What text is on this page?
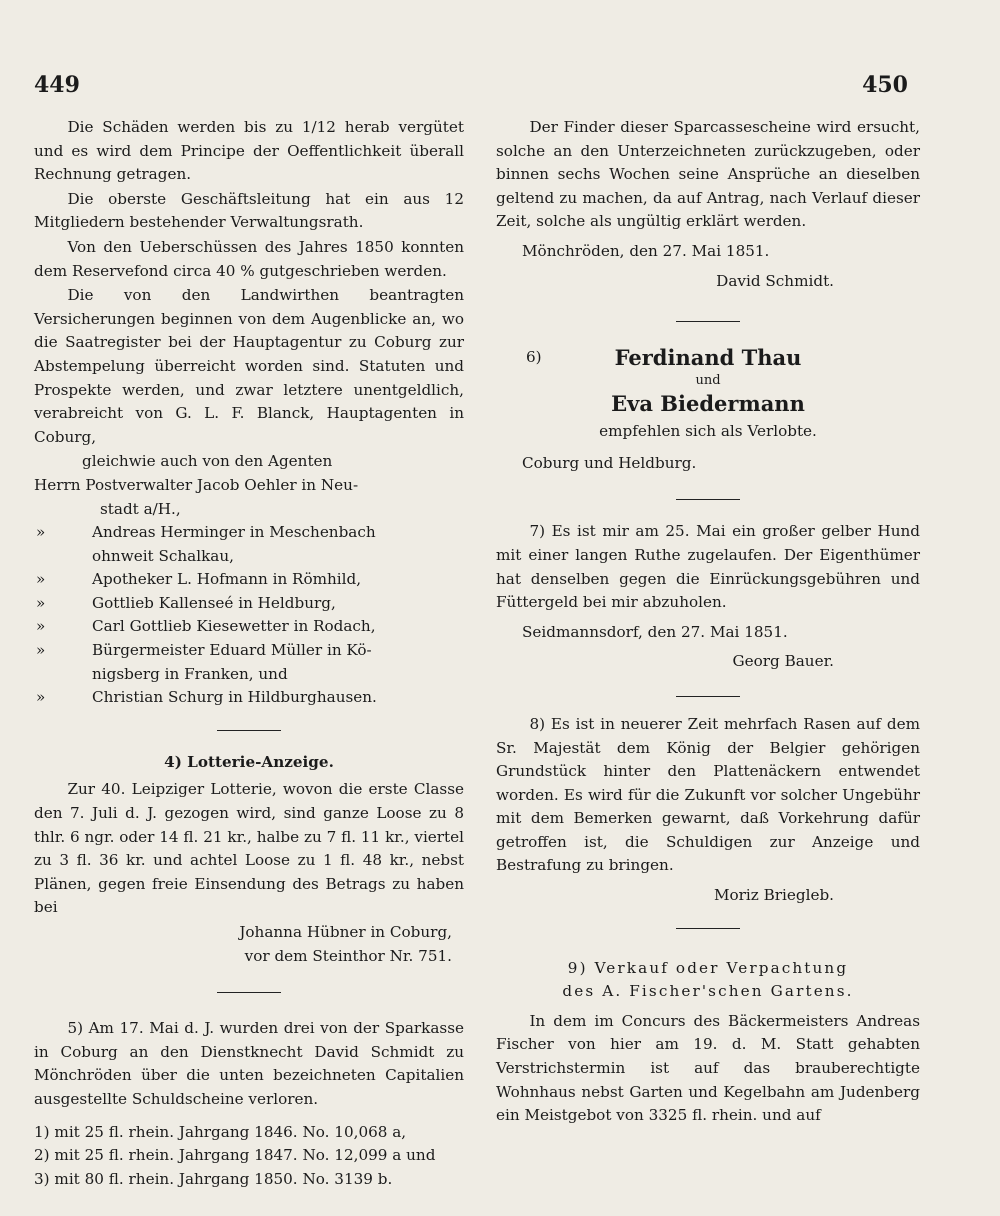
449	450

Die Schäden werden bis zu 1/12 herab vergütet und es wird dem Principe der Oeffentlichkeit überall Rechnung getragen.

Die oberste Geschäftsleitung hat ein aus 12 Mitgliedern bestehender Verwaltungsrath.

Von den Ueberschüssen des Jahres 1850 konnten dem Reservefond circa 40 % gutgeschrieben werden.

Die von den Landwirthen beantragten Versicherungen beginnen von dem Augenblicke an, wo die Saatregister bei der Hauptagentur zu Coburg zur Abstempelung überreicht worden sind. Statuten und Prospekte werden, und zwar letztere unentgeldlich, verabreicht von G. L. F. Blanck, Hauptagenten in Coburg,

gleichwie auch von den Agenten
Herrn Postverwalter Jacob Oehler in Neu-
stadt a/H.,
»	Andreas Herminger in Meschenbach
ohnweit Schalkau,
»	Apotheker L. Hofmann in Römhild,
»	Gottlieb Kallenseé in Heldburg,
»	Carl Gottlieb Kiesewetter in Rodach,
»	Bürgermeister Eduard Müller in Kö-
nigsberg in Franken, und
»	Christian Schurg in Hildburghausen.
4) Lotterie-Anzeige.

Zur 40. Leipziger Lotterie, wovon die erste Classe den 7. Juli d. J. gezogen wird, sind ganze Loose zu 8 thlr. 6 ngr. oder 14 fl. 21 kr., halbe zu 7 fl. 11 kr., viertel zu 3 fl. 36 kr. und achtel Loose zu 1 fl. 48 kr., nebst Plänen, gegen freie Einsendung des Betrags zu haben bei

Johanna Hübner in Coburg,
vor dem Steinthor Nr. 751.

5) Am 17. Mai d. J. wurden drei von der Sparkasse in Coburg an den Dienstknecht David Schmidt zu Mönchröden über die unten bezeichneten Capitalien ausgestellte Schuldscheine verloren.

1) mit 25 fl. rhein. Jahrgang 1846. No. 10,068 a,
2) mit 25 fl. rhein. Jahrgang 1847. No. 12,099 a und
3) mit 80 fl. rhein. Jahrgang 1850. No. 3139 b.

Der Finder dieser Sparcassescheine wird ersucht, solche an den Unterzeichneten zurückzugeben, oder binnen sechs Wochen seine Ansprüche an dieselben geltend zu machen, da auf Antrag, nach Verlauf dieser Zeit, solche als ungültig erklärt werden.

Mönchröden, den 27. Mai 1851.
David Schmidt.
6)	Ferdinand Thau
und
Eva Biedermann
empfehlen sich als Verlobte.
Coburg und Heldburg.

7) Es ist mir am 25. Mai ein großer gelber Hund mit einer langen Ruthe zugelaufen. Der Eigenthümer hat denselben gegen die Einrückungsgebühren und Füttergeld bei mir abzuholen.

Seidmannsdorf, den 27. Mai 1851.
Georg Bauer.

8) Es ist in neuerer Zeit mehrfach Rasen auf dem Sr. Majestät dem König der Belgier gehörigen Grundstück hinter den Plattenäckern entwendet worden. Es wird für die Zukunft vor solcher Ungebühr mit dem Bemerken gewarnt, daß Vorkehrung dafür getroffen ist, die Schuldigen zur Anzeige und Bestrafung zu bringen.

Moriz Briegleb.
9) Verkauf oder Verpachtung
des A. Fischer'schen Gartens.

In dem im Concurs des Bäckermeisters Andreas Fischer von hier am 19. d. M. Statt gehabten Verstrichstermin ist auf das brauberechtigte Wohnhaus nebst Garten und Kegelbahn am Judenberg ein Meistgebot von 3325 fl. rhein. und auf
